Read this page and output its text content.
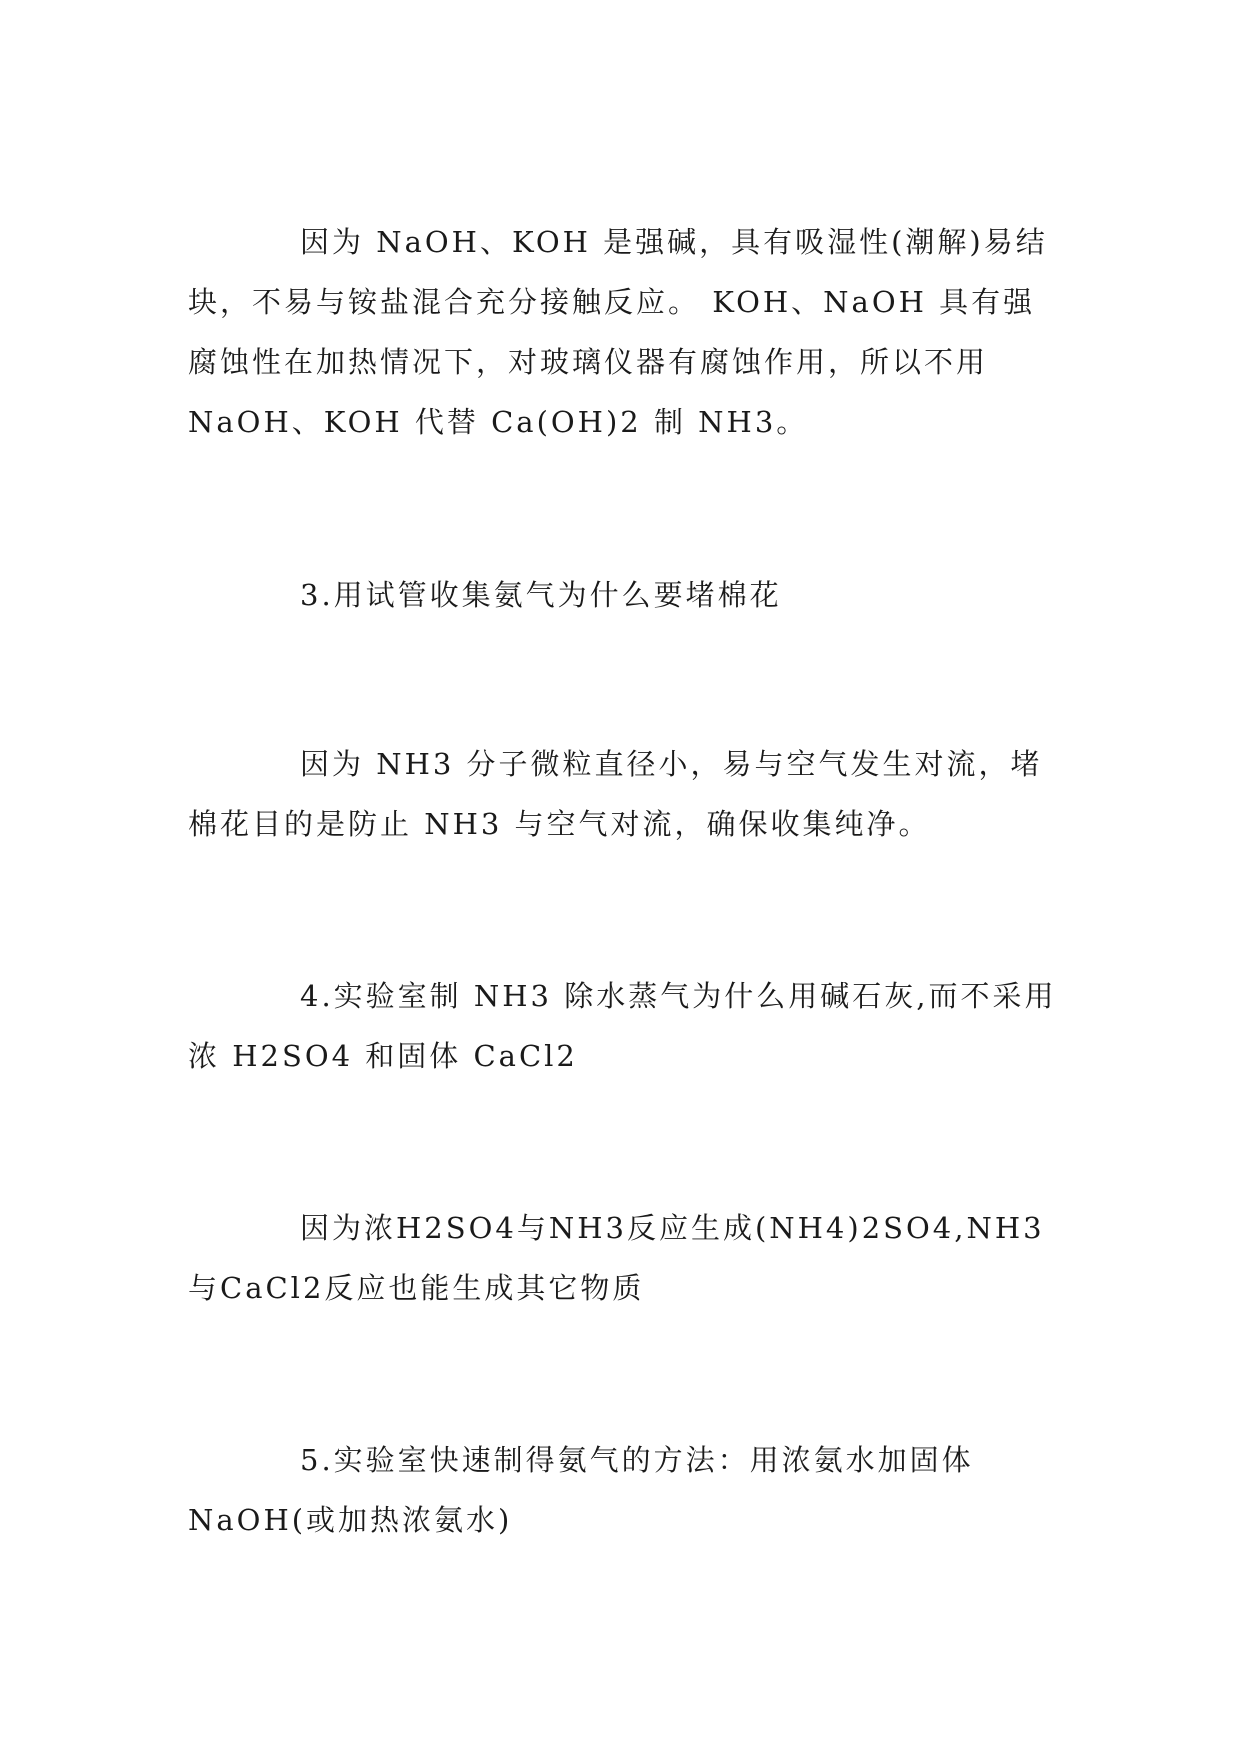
因为 NaOH、KOH 是强碱，具有吸湿性(潮解)易结块，不易与铵盐混合充分接触反应。 KOH、NaOH 具有强腐蚀性在加热情况下，对玻璃仪器有腐蚀作用，所以不用 NaOH、KOH 代替 Ca(OH)2 制 NH3。

3.用试管收集氨气为什么要堵棉花

因为 NH3 分子微粒直径小，易与空气发生对流，堵棉花目的是防止 NH3 与空气对流，确保收集纯净。

4.实验室制 NH3 除水蒸气为什么用碱石灰,而不采用浓 H2SO4 和固体 CaCl2

因为浓H2SO4与NH3反应生成(NH4)2SO4,NH3与CaCl2反应也能生成其它物质

5.实验室快速制得氨气的方法：用浓氨水加固体NaOH(或加热浓氨水)
